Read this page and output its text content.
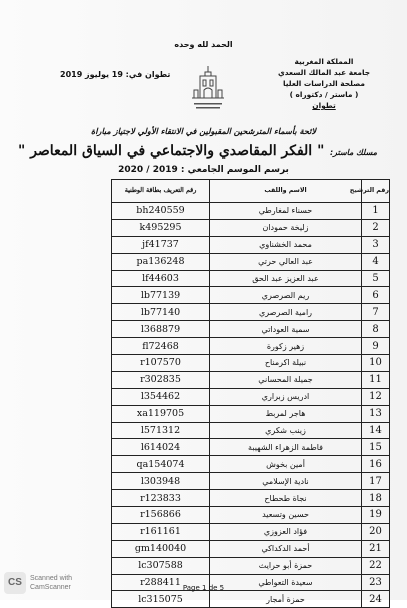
الحمد لله وحده
المملكة المغربية
جامعة عبد المالك السعدي
مصلحة الدراسات العليا
( ماستر / دكتوراه )
تطوان
تطوان في: 19 يوليوز 2019
لائحة بأسماء المترشحين المقبولين في الانتقاء الأولي لاجتياز مباراة
مسلك ماستر: " الفكر المقاصدي والاجتماعي في السياق المعاصر "
برسم الموسم الجامعي : 2019 / 2020
رقم الترشيح	الاسم واللقب	رقم التعريف بطاقة الوطنية
1	حسناء لمغارطي	bh240559
2	زليخة حمودان	k495295
3	محمد الخشناوي	jf41737
4	عبد العالي حرتي	pa136248
5	عبد العزيز عبد الحق	lf44603
6	ريم الصرصري	lb77139
7	رامية الصرصري	lb77140
8	سمية العوداتي	l368879
9	زهير زكورة	fl72468
10	نبيلة اكرمناح	r107570
11	جميلة المحساني	r302835
12	ادريس زبراري	l354462
13	هاجر لمربط	xa119705
14	زينب شكري	l571312
15	فاطمة الزهراء الشهيبة	l614024
16	أمين بخوش	qa154074
17	نادية الإسلامي	l303948
18	نجاة طحطاح	r123833
19	حسين وتسعيد	r156866
20	فؤاد العزوزي	r161161
21	أحمد الدكداكي	gm140040
22	حمزة أبو حرايث	lc307588
23	سعيدة التعواطي	r288411
24	حمزة أمجار	lc315075
Page 1 de 5
CS	Scanned with
CamScanner
